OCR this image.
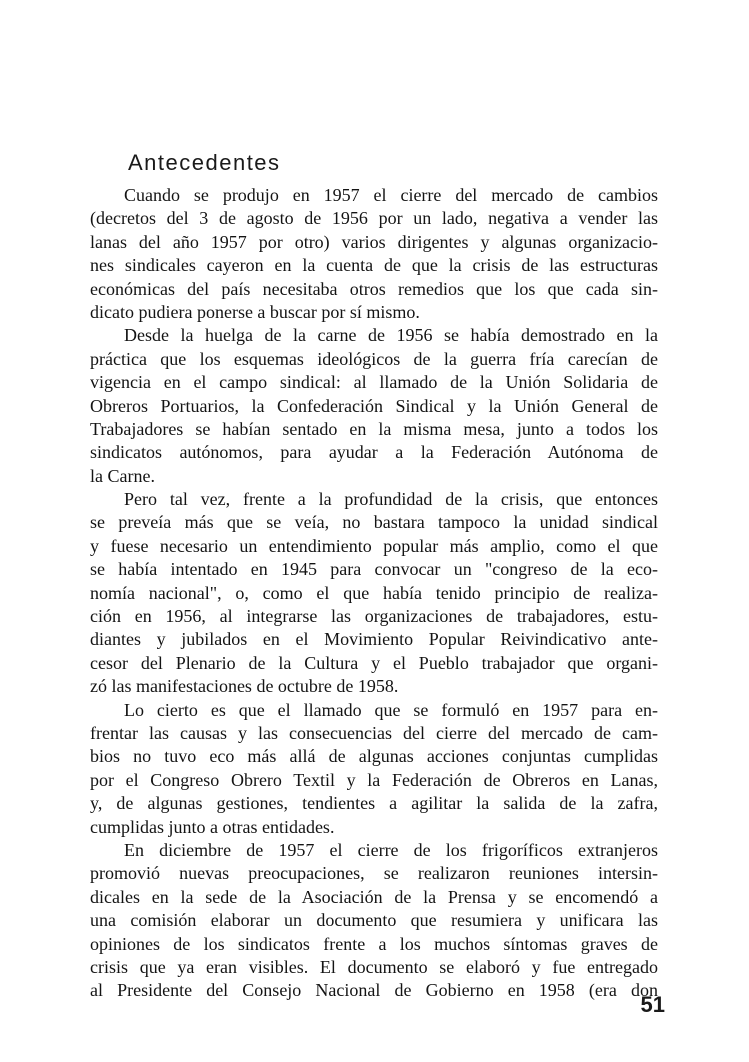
Antecedentes
Cuando se produjo en 1957 el cierre del mercado de cambios
(decretos del 3 de agosto de 1956 por un lado, negativa a vender las
lanas del año 1957 por otro) varios dirigentes y algunas organizacio-
nes sindicales cayeron en la cuenta de que la crisis de las estructuras
económicas del país necesitaba otros remedios que los que cada sin-
dicato pudiera ponerse a buscar por sí mismo.
Desde la huelga de la carne de 1956 se había demostrado en la
práctica que los esquemas ideológicos de la guerra fría carecían de
vigencia en el campo sindical: al llamado de la Unión Solidaria de
Obreros Portuarios, la Confederación Sindical y la Unión General de
Trabajadores se habían sentado en la misma mesa, junto a todos los
sindicatos autónomos, para ayudar a la Federación Autónoma de
la Carne.
Pero tal vez, frente a la profundidad de la crisis, que entonces
se preveía más que se veía, no bastara tampoco la unidad sindical
y fuese necesario un entendimiento popular más amplio, como el que
se había intentado en 1945 para convocar un "congreso de la eco-
nomía nacional", o, como el que había tenido principio de realiza-
ción en 1956, al integrarse las organizaciones de trabajadores, estu-
diantes y jubilados en el Movimiento Popular Reivindicativo ante-
cesor del Plenario de la Cultura y el Pueblo trabajador que organi-
zó las manifestaciones de octubre de 1958.
Lo cierto es que el llamado que se formuló en 1957 para en-
frentar las causas y las consecuencias del cierre del mercado de cam-
bios no tuvo eco más allá de algunas acciones conjuntas cumplidas
por el Congreso Obrero Textil y la Federación de Obreros en Lanas,
y, de algunas gestiones, tendientes a agilitar la salida de la zafra,
cumplidas junto a otras entidades.
En diciembre de 1957 el cierre de los frigoríficos extranjeros
promovió nuevas preocupaciones, se realizaron reuniones intersin-
dicales en la sede de la Asociación de la Prensa y se encomendó a
una comisión elaborar un documento que resumiera y unificara las
opiniones de los sindicatos frente a los muchos síntomas graves de
crisis que ya eran visibles. El documento se elaboró y fue entregado
al Presidente del Consejo Nacional de Gobierno en 1958 (era don
51
